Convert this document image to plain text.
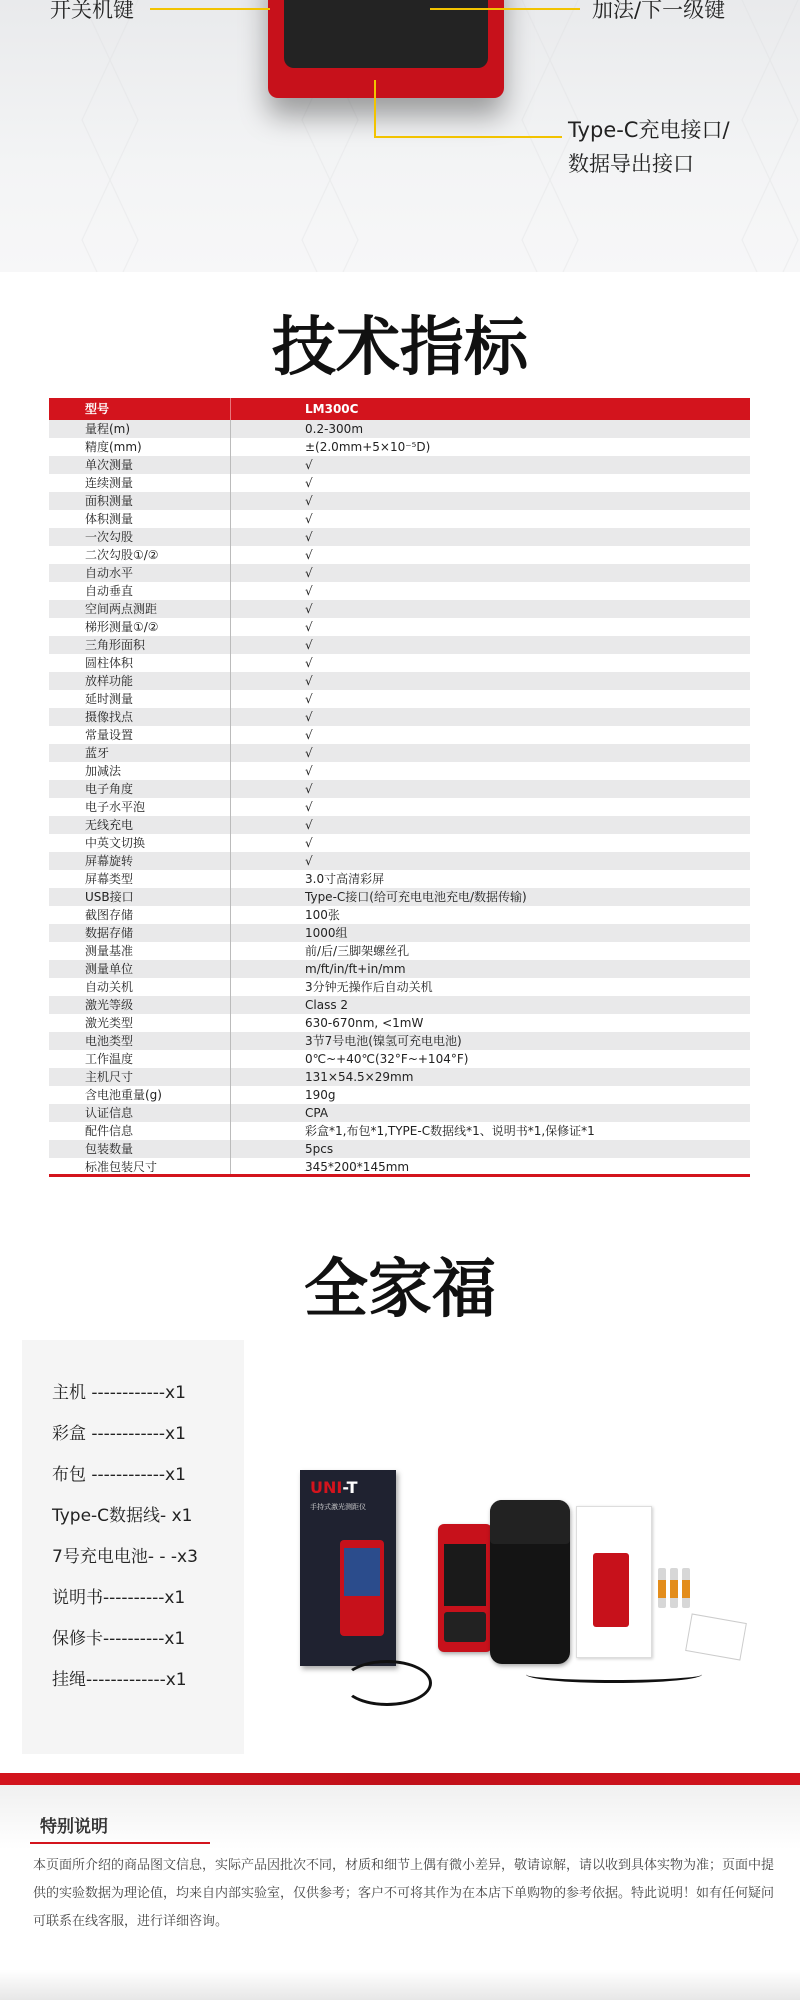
开关机键	加法/下一级键
Type-C充电接口/
数据导出接口
技术指标
型号	LM300C
量程(m)	0.2-300m
精度(mm)	±(2.0mm+5×10⁻⁵D)
单次测量	√
连续测量	√
面积测量	√
体积测量	√
一次勾股	√
二次勾股①/②	√
自动水平	√
自动垂直	√
空间两点测距	√
梯形测量①/②	√
三角形面积	√
圆柱体积	√
放样功能	√
延时测量	√
摄像找点	√
常量设置	√
蓝牙	√
加减法	√
电子角度	√
电子水平泡	√
无线充电	√
中英文切换	√
屏幕旋转	√
屏幕类型	3.0寸高清彩屏
USB接口	Type-C接口(给可充电电池充电/数据传输)
截图存储	100张
数据存储	1000组
测量基准	前/后/三脚架螺丝孔
测量单位	m/ft/in/ft+in/mm
自动关机	3分钟无操作后自动关机
激光等级	Class 2
激光类型	630-670nm, <1mW
电池类型	3节7号电池(镍氢可充电电池)
工作温度	0℃~+40℃(32°F~+104°F)
主机尺寸	131×54.5×29mm
含电池重量(g)	190g
认证信息	CPA
配件信息	彩盒*1,布包*1,TYPE-C数据线*1、说明书*1,保修证*1
包装数量	5pcs
标准包装尺寸	345*200*145mm
全家福
主机 ------------x1
彩盒 ------------x1
布包 ------------x1
Type-C数据线- x1
7号充电电池- - -x3
说明书----------x1
保修卡----------x1
挂绳-------------x1
UNI-T
手持式激光测距仪
特别说明
本页面所介绍的商品图文信息，实际产品因批次不同，材质和细节上偶有微小差异，敬请谅解，请以收到具体实物为准；页面中提供的实验数据为理论值，均来自内部实验室，仅供参考；客户不可将其作为在本店下单购物的参考依据。特此说明！如有任何疑问可联系在线客服，进行详细咨询。
